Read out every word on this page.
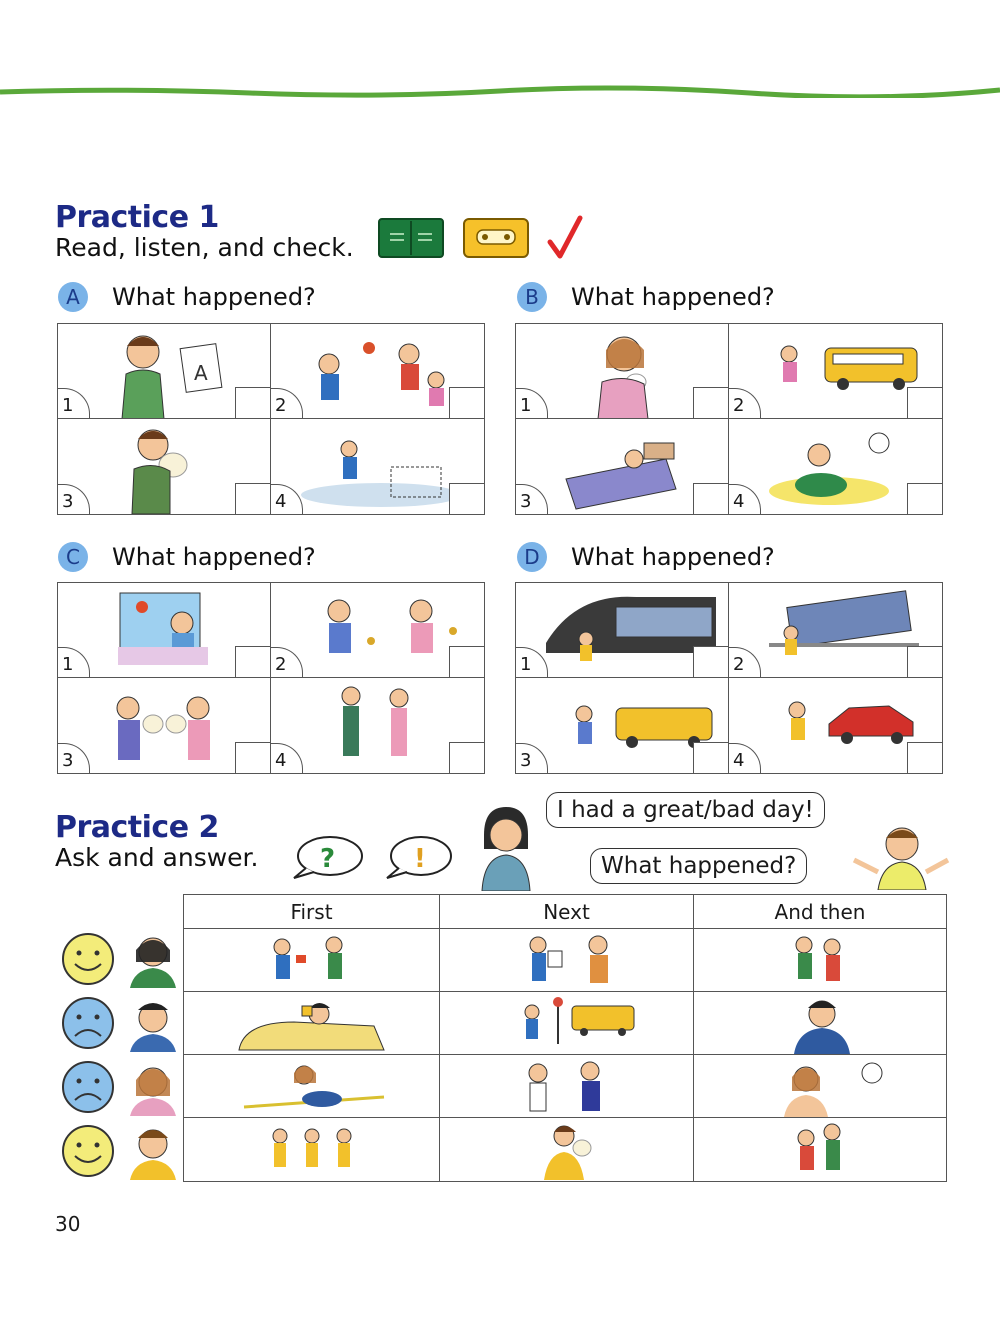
Practice 1
Read, listen, and check.
A	What happened?
A
1	2
3	4
B	What happened?
1	2
3	4
C	What happened?
1	2
3	4
D	What happened?
1	2
3	4
Practice 2
Ask and answer. ?	!
I had a great/bad day!
What happened?
First	Next	And then
30
